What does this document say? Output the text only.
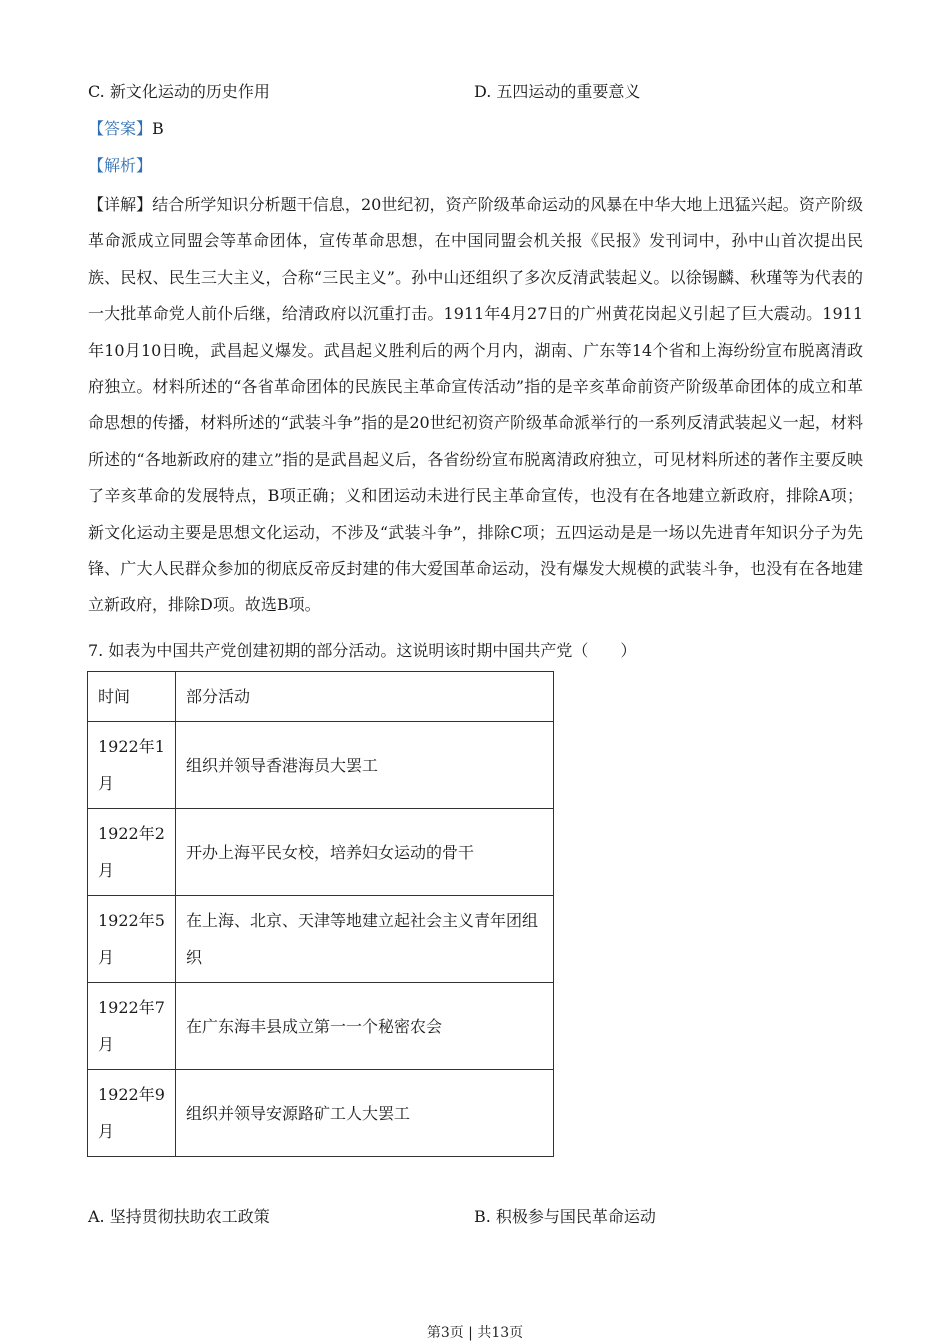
C. 新文化运动的历史作用	D. 五四运动的重要意义
【答案】B
【解析】
【详解】结合所学知识分析题干信息，20世纪初，资产阶级革命运动的风暴在中华大地上迅猛兴起。资产阶级革命派成立同盟会等革命团体，宣传革命思想，在中国同盟会机关报《民报》发刊词中，孙中山首次提出民族、民权、民生三大主义，合称“三民主义”。孙中山还组织了多次反清武装起义。以徐锡麟、秋瑾等为代表的一大批革命党人前仆后继，给清政府以沉重打击。1911年4月27日的广州黄花岗起义引起了巨大震动。1911年10月10日晚，武昌起义爆发。武昌起义胜利后的两个月内，湖南、广东等14个省和上海纷纷宣布脱离清政府独立。材料所述的“各省革命团体的民族民主革命宣传活动”指的是辛亥革命前资产阶级革命团体的成立和革命思想的传播，材料所述的“武装斗争”指的是20世纪初资产阶级革命派举行的一系列反清武装起义一起，材料所述的“各地新政府的建立”指的是武昌起义后，各省纷纷宣布脱离清政府独立，可见材料所述的著作主要反映了辛亥革命的发展特点，B项正确；义和团运动未进行民主革命宣传，也没有在各地建立新政府，排除A项；新文化运动主要是思想文化运动，不涉及“武装斗争”，排除C项；五四运动是是一场以先进青年知识分子为先锋、广大人民群众参加的彻底反帝反封建的伟大爱国革命运动，没有爆发大规模的武装斗争，也没有在各地建立新政府，排除D项。故选B项。
7. 如表为中国共产党创建初期的部分活动。这说明该时期中国共产党（　　）
时间	部分活动
1922年1月	组织并领导香港海员大罢工
1922年2月	开办上海平民女校，培养妇女运动的骨干
1922年5月	在上海、北京、天津等地建立起社会主义青年团组织
1922年7月	在广东海丰县成立第一一个秘密农会
1922年9月	组织并领导安源路矿工人大罢工
A. 坚持贯彻扶助农工政策	B. 积极参与国民革命运动
第3页 | 共13页
